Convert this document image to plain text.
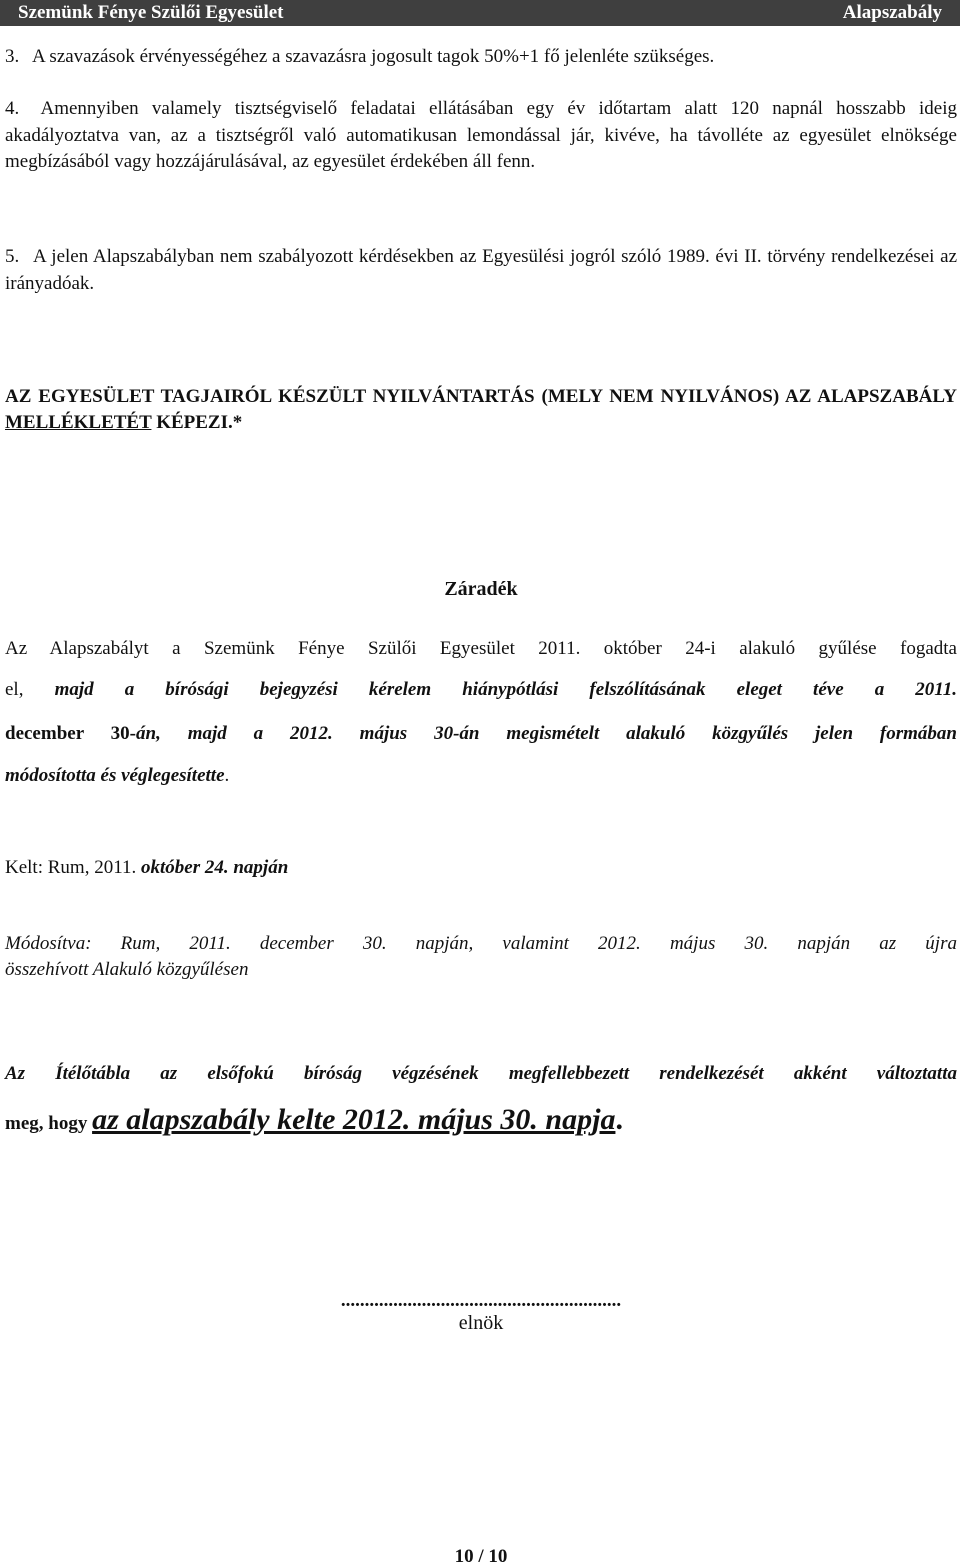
Szemünk Fénye Szülői Egyesület	Alapszabály
3. A szavazások érvényességéhez a szavazásra jogosult tagok 50%+1 fő jelenléte szükséges.
4. Amennyiben valamely tisztségviselő feladatai ellátásában egy év időtartam alatt 120 napnál hosszabb ideig akadályoztatva van, az a tisztségről való automatikusan lemondással jár, kivéve, ha távolléte az egyesület elnöksége megbízásából vagy hozzájárulásával, az egyesület érdekében áll fenn.
5. A jelen Alapszabályban nem szabályozott kérdésekben az Egyesülési jogról szóló 1989. évi II. törvény rendelkezései az irányadóak.
AZ EGYESÜLET TAGJAIRÓL KÉSZÜLT NYILVÁNTARTÁS (MELY NEM NYILVÁNOS) AZ ALAPSZABÁLY MELLÉKLETÉT KÉPEZI.*
Záradék
Az Alapszabályt a Szemünk Fénye Szülői Egyesület 2011. október 24-i alakuló gyűlése fogadta
el, majd a bírósági bejegyzési kérelem hiánypótlási felszólításának eleget téve a 2011.
december 30-án, majd a 2012. május 30-án megismételt alakuló közgyűlés jelen formában
módosította és véglegesítette.
Kelt: Rum, 2011. október 24. napján
Módosítva: Rum, 2011. december 30. napján, valamint 2012. május 30. napján az újra
összehívott Alakuló közgyűlésen
Az Ítélőtábla az elsőfokú bíróság végzésének megfellebbezett rendelkezését akként változtatta
meg, hogy az alapszabály kelte 2012. május 30. napja.
...........................................................
elnök
10 / 10
